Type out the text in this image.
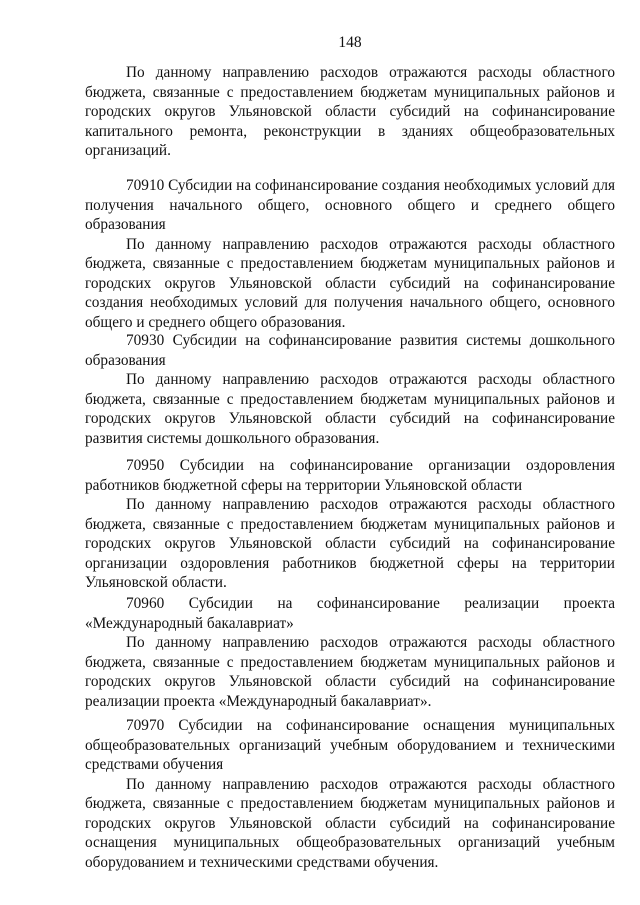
148

По данному направлению расходов отражаются расходы областного бюджета, связанные с предоставлением бюджетам муниципальных районов и городских округов Ульяновской области субсидий на софинансирование капитального ремонта, реконструкции в зданиях общеобразовательных организаций.

70910 Субсидии на софинансирование создания необходимых условий для получения начального общего, основного общего и среднего общего образования

По данному направлению расходов отражаются расходы областного бюджета, связанные с предоставлением бюджетам муниципальных районов и городских округов Ульяновской области субсидий на софинансирование создания необходимых условий для получения начального общего, основного общего и среднего общего образования.

70930 Субсидии на софинансирование развития системы дошкольного образования

По данному направлению расходов отражаются расходы областного бюджета, связанные с предоставлением бюджетам муниципальных районов и городских округов Ульяновской области субсидий на софинансирование развития системы дошкольного образования.

70950 Субсидии на софинансирование организации оздоровления работников бюджетной сферы на территории Ульяновской области

По данному направлению расходов отражаются расходы областного бюджета, связанные с предоставлением бюджетам муниципальных районов и городских округов Ульяновской области субсидий на софинансирование организации оздоровления работников бюджетной сферы на территории Ульяновской области.

70960 Субсидии на софинансирование реализации проекта «Международный бакалавриат»

По данному направлению расходов отражаются расходы областного бюджета, связанные с предоставлением бюджетам муниципальных районов и городских округов Ульяновской области субсидий на софинансирование реализации проекта «Международный бакалавриат».

70970 Субсидии на софинансирование оснащения муниципальных общеобразовательных организаций учебным оборудованием и техническими средствами обучения

По данному направлению расходов отражаются расходы областного бюджета, связанные с предоставлением бюджетам муниципальных районов и городских округов Ульяновской области субсидий на софинансирование оснащения муниципальных общеобразовательных организаций учебным оборудованием и техническими средствами обучения.
